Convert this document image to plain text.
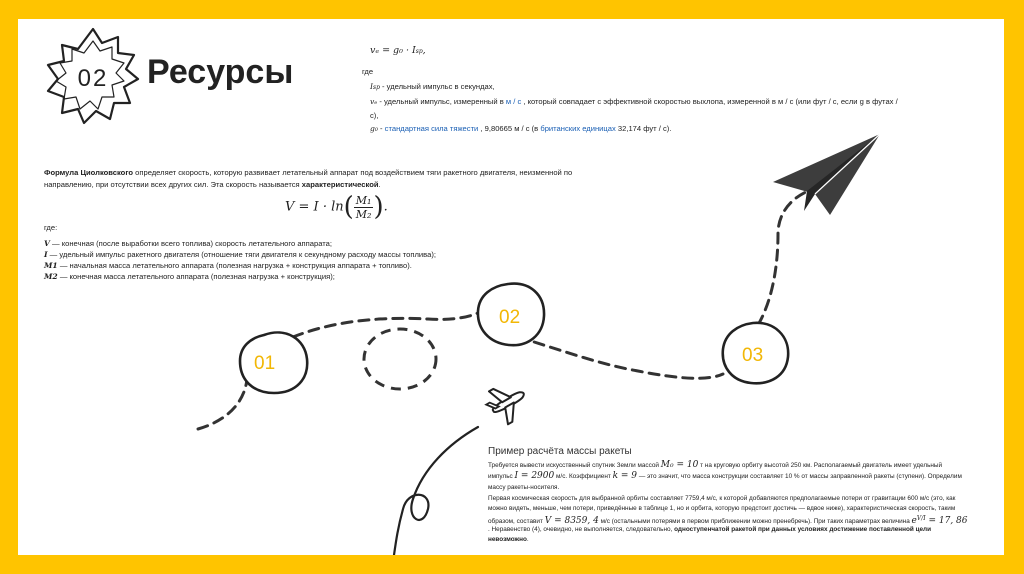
01
02
03
02	Ресурсы
vₑ = g₀ · Isp,
где
Isp - удельный импульс в секундах,
vₑ - удельный импульс, измеренный в м / с , который совпадает с эффективной скоростью выхлопа, измеренной в м / с (или фут / с, если g в футах /
с),
g₀ - стандартная сила тяжести , 9,80665 м / с (в британских единицах 32,174 фут / с).
Формула Циолковского определяет скорость, которую развивает летательный аппарат под воздействием тяги ракетного двигателя, неизменной по
направлению, при отсутствии всех других сил. Эта скорость называется характеристической.
$V = I \cdot \ln( \frac{\text{M₁}}{\text{M₂}}$ ).
где:
V — конечная (после выработки всего топлива) скорость летательного аппарата;
I — удельный импульс ракетного двигателя (отношение тяги двигателя к секундному расходу массы топлива);
M1 — начальная масса летательного аппарата (полезная нагрузка + конструкция аппарата + топливо).
M2 — конечная масса летательного аппарата (полезная нагрузка + конструкция);
Пример расчёта массы ракеты
Требуется вывести искусственный спутник Земли массой M₀ = 10 т на круговую орбиту высотой 250 км. Располагаемый двигатель имеет удельный
импульс I = 2900 м/с. Коэффициент k = 9 — это значит, что масса конструкции составляет 10 % от массы заправленной ракеты (ступени). Определим
массу ракеты-носителя.
Первая космическая скорость для выбранной орбиты составляет 7759,4 м/с, к которой добавляются предполагаемые потери от гравитации 600 м/с (это, как
можно видеть, меньше, чем потери, приведённые в таблице 1, но и орбита, которую предстоит достичь — вдвое ниже), характеристическая скорость, таким
образом, составит V = 8359, 4 м/с (остальными потерями в первом приближении можно пренебречь). При таких параметрах величина $e^{V/I} = 17$, 86
. Неравенство (4), очевидно, не выполняется, следовательно, одноступенчатой ракетой при данных условиях достижение поставленной цели
невозможно.
